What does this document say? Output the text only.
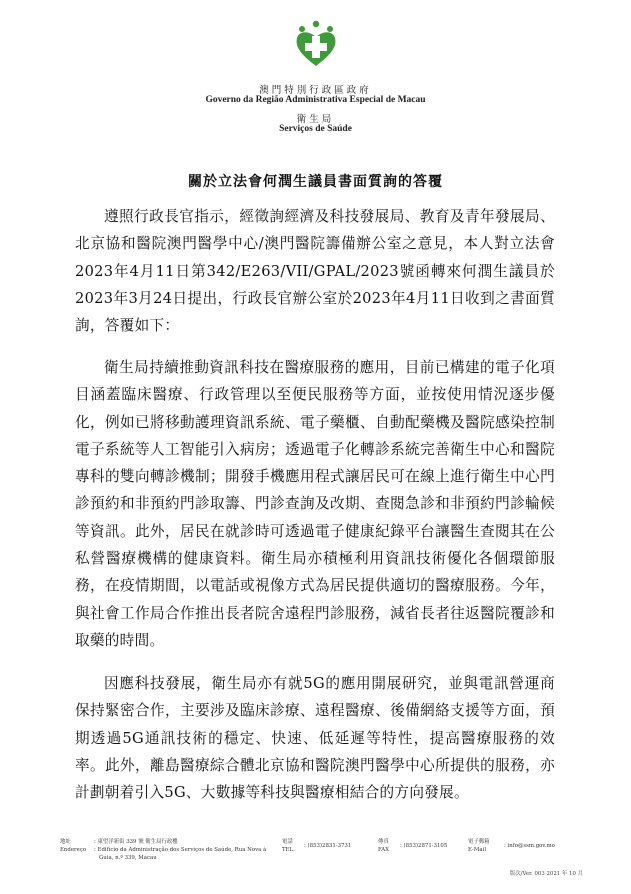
澳門特別行政區政府
Governo da Região Administrativa Especial de Macau
衛生局
Serviços de Saúde
關於立法會何潤生議員書面質詢的答覆

遵照行政長官指示，經徵詢經濟及科技發展局、教育及青年發展局、北京協和醫院澳門醫學中心/澳門醫院籌備辦公室之意見，本人對立法會2023年4月11日第342/E263/VII/GPAL/2023號函轉來何潤生議員於2023年3月24日提出，行政長官辦公室於2023年4月11日收到之書面質詢，答覆如下：

衛生局持續推動資訊科技在醫療服務的應用，目前已構建的電子化項目涵蓋臨床醫療、行政管理以至便民服務等方面，並按使用情況逐步優化，例如已將移動護理資訊系統、電子藥櫃、自動配藥機及醫院感染控制電子系統等人工智能引入病房；透過電子化轉診系統完善衛生中心和醫院專科的雙向轉診機制；開發手機應用程式讓居民可在線上進行衛生中心門診預約和非預約門診取籌、門診查詢及改期、查閱急診和非預約門診輪候等資訊。此外，居民在就診時可透過電子健康紀錄平台讓醫生查閱其在公私營醫療機構的健康資料。衛生局亦積極利用資訊技術優化各個環節服務，在疫情期間，以電話或視像方式為居民提供適切的醫療服務。今年，與社會工作局合作推出長者院舍遠程門診服務，減省長者往返醫院覆診和取藥的時間。

因應科技發展，衛生局亦有就5G的應用開展研究，並與電訊營運商保持緊密合作，主要涉及臨床診療、遠程醫療、後備網絡支援等方面，預期透過5G通訊技術的穩定、快速、低延遲等特性，提高醫療服務的效率。此外，離島醫療綜合體北京協和醫院澳門醫學中心所提供的服務，亦計劃朝着引入5G、大數據等科技與醫療相結合的方向發展。

地址
Endereço
: 東望洋新街 339 號 衛生局行政樓
: Edifício da Administração dos Serviços de Saúde, Rua Nova à
Guia, n.º 339, Macau
電話
TEL.
: (853)2831-3731
傳真
FAX
: (853)2871-3105
電子郵箱
E-Mail
: info@ssm.gov.mo
版次/Ver. 003 2021 年 10 月
